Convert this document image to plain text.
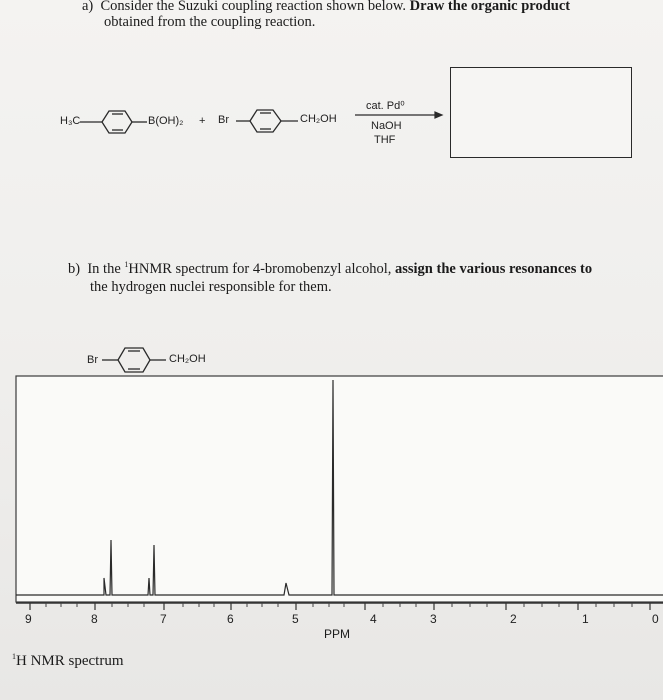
a) Consider the Suzuki coupling reaction shown below. Draw the organic product
obtained from the coupling reaction.
H₃C	B(OH)₂ + Br	CH₂OH
cat. Pd⁰
NaOH
THF
b) In the $^1$HNMR spectrum for 4-bromobenzyl alcohol, assign the various resonances to
the hydrogen nuclei responsible for them.
Br	CH₂OH
9	8	7	6	5	4	3	2	1	0
PPM
$^1$H NMR spectrum
